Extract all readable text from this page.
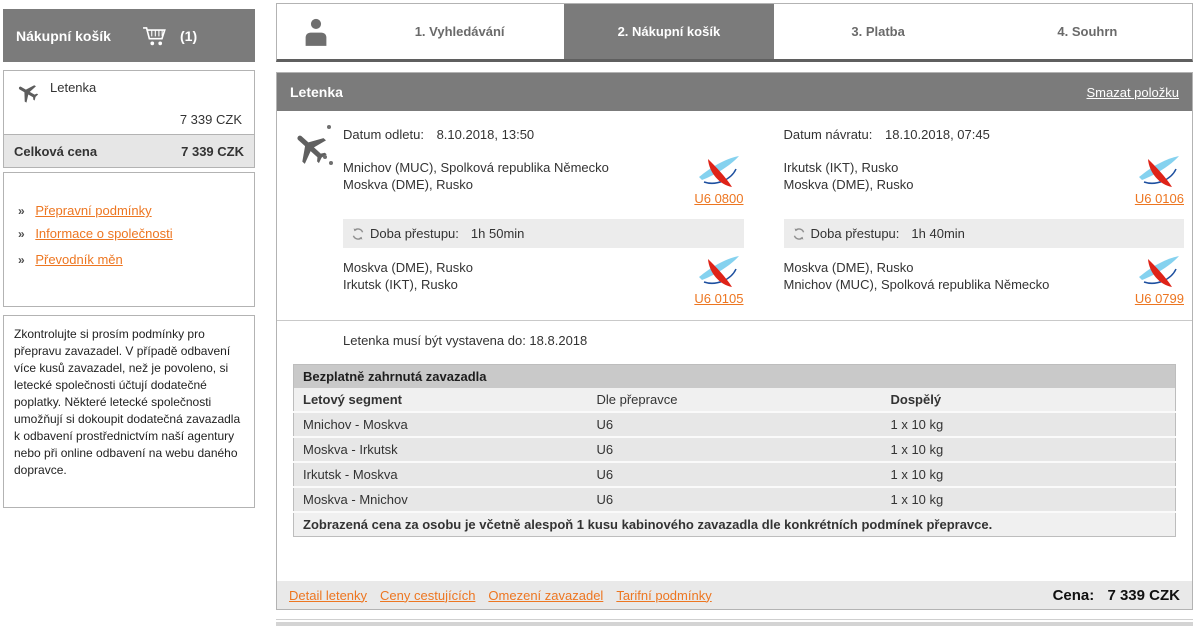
Nákupní košík	(1)
Letenka
7 339 CZK
Celková cena	7 339 CZK
» Přepravní podmínky
» Informace o společnosti
» Převodník měn
Zkontrolujte si prosím podmínky pro přepravu zavazadel. V případě odbavení více kusů zavazadel, než je povoleno, si letecké společnosti účtují dodatečné poplatky. Některé letecké společnosti umožňují si dokoupit dodatečná zavazadla k odbavení prostřednictvím naší agentury nebo při online odbavení na webu daného dopravce.
1. Vyhledávání	2. Nákupní košík	3. Platba	4. Souhrn
Letenka	Smazat položku
Datum odletu: 8.10.2018, 13:50
Mnichov (MUC), Spolková republika Německo
Moskva (DME), Rusko
U6 0800
Doba přestupu: 1h 50min
Moskva (DME), Rusko
Irkutsk (IKT), Rusko
U6 0105
Datum návratu: 18.10.2018, 07:45
Irkutsk (IKT), Rusko
Moskva (DME), Rusko
U6 0106
Doba přestupu: 1h 40min
Moskva (DME), Rusko
Mnichov (MUC), Spolková republika Německo
U6 0799
Letenka musí být vystavena do: 18.8.2018
Bezplatně zahrnutá zavazadla		
Letový segment	Dle přepravce	Dospělý
Mnichov - Moskva	U6	1 x 10 kg
Moskva - Irkutsk	U6	1 x 10 kg
Irkutsk - Moskva	U6	1 x 10 kg
Moskva - Mnichov	U6	1 x 10 kg
Zobrazená cena za osobu je včetně alespoň 1 kusu kabinového zavazadla dle konkrétních podmínek přepravce.		
Detail letenky Ceny cestujících Omezení zavazadel Tarifní podmínky	Cena: 7 339 CZK
